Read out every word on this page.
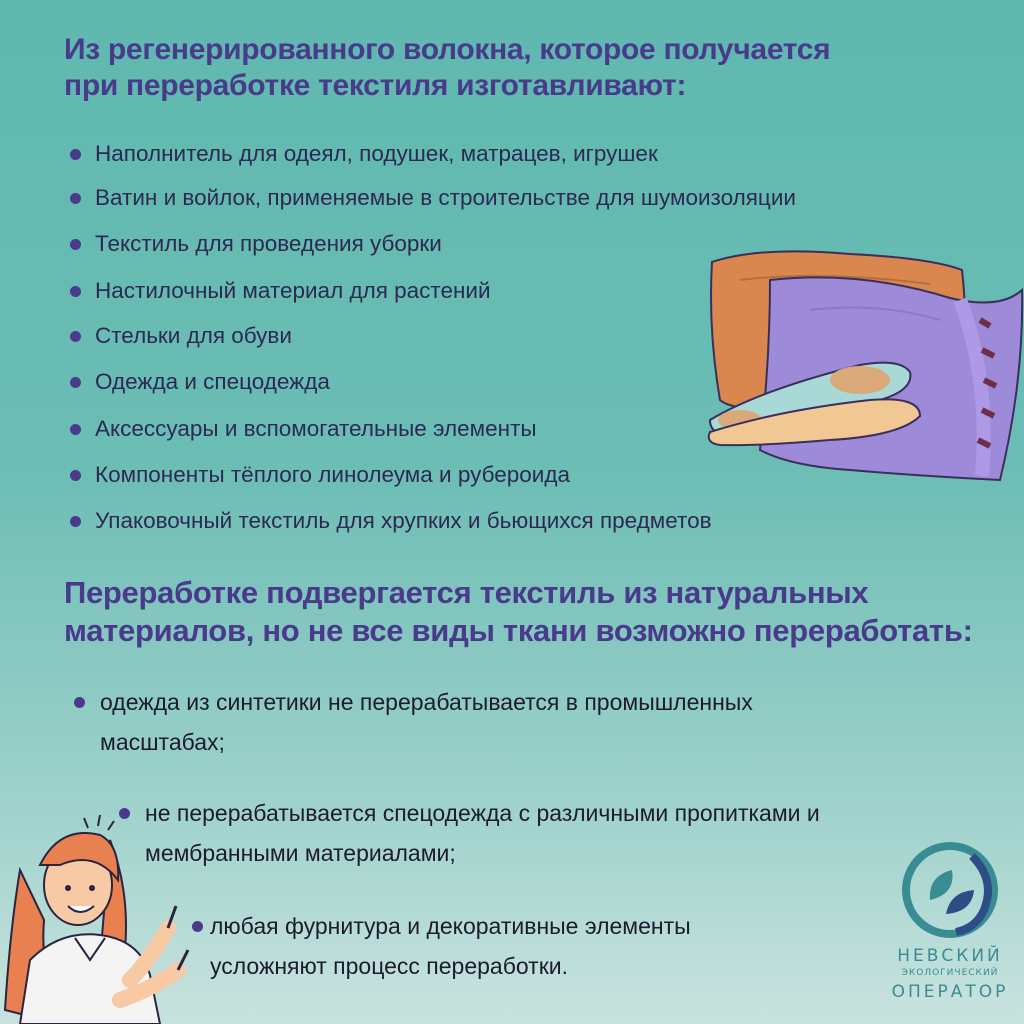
Из регенерированного волокна, которое получается
при переработке текстиля изготавливают:
Наполнитель для одеял, подушек, матрацев, игрушек
Ватин и войлок, применяемые в строительстве для шумоизоляции
Текстиль для проведения уборки
Настилочный материал для растений
Стельки для обуви
Одежда и спецодежда
Аксессуары и вспомогательные элементы
Компоненты тёплого линолеума и рубероида
Упаковочный текстиль для хрупких и бьющихся предметов
Переработке подвергается текстиль из натуральных
материалов, но не все виды ткани возможно переработать:
одежда из синтетики не перерабатывается в промышленных
масштабах;
не перерабатывается спецодежда с различными пропитками и
мембранными материалами;
любая фурнитура и декоративные элементы
усложняют процесс переработки.	НЕВСКИЙ
ЭКОЛОГИЧЕСКИЙ
ОПЕРАТОР
